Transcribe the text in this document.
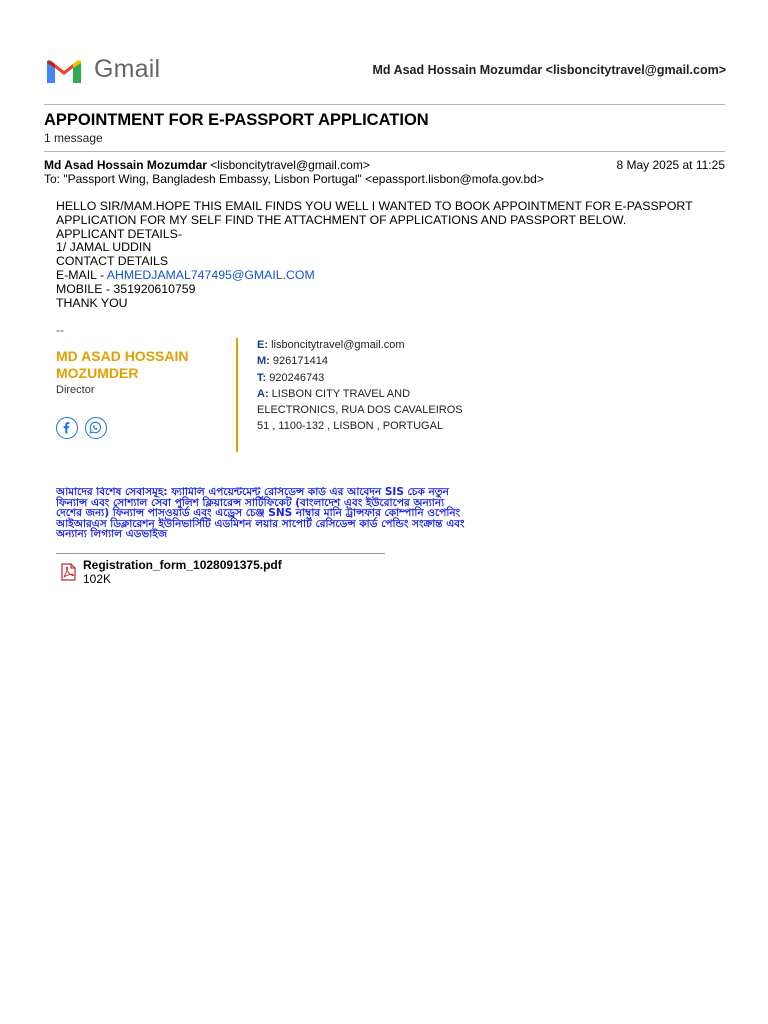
Gmail	Md Asad Hossain Mozumdar <lisboncitytravel@gmail.com>
APPOINTMENT FOR E-PASSPORT APPLICATION
1 message
Md Asad Hossain Mozumdar <lisboncitytravel@gmail.com>	8 May 2025 at 11:25
To: "Passport Wing, Bangladesh Embassy, Lisbon Portugal" <epassport.lisbon@mofa.gov.bd>
HELLO SIR/MAM.HOPE THIS EMAIL FINDS YOU WELL I WANTED TO BOOK APPOINTMENT FOR E-PASSPORT
APPLICATION FOR MY SELF FIND THE ATTACHMENT OF APPLICATIONS AND PASSPORT BELOW.
APPLICANT DETAILS-
1/ JAMAL UDDIN
CONTACT DETAILS
E-MAIL - AHMEDJAMAL747495@GMAIL.COM
MOBILE - 351920610759
THANK YOU
--
MD ASAD HOSSAIN MOZUMDER
Director
E: lisboncitytravel@gmail.com
M: 926171414
T: 920246743
A: LISBON CITY TRAVEL AND ELECTRONICS, RUA DOS CAVALEIROS 51 , 1100-132 , LISBON , PORTUGAL
আমাদের বিশেষ সেবাসমূহ: ফ্যামিলি এপয়েন্টমেন্ট রেসিডেন্স কার্ড এর আবেদন SIS চেক নতুন ফিন্যান্স এবং সোশ্যাল সেবা পুলিশ ক্লিয়ারেন্স সার্টিফিকেট (বাংলাদেশ এবং ইউরোপের অন্যান্য দেশের জন্য) ফিন্যান্স পাসওয়ার্ড এবং এড্রেস চেঞ্জ SNS নাম্বার মানি ট্রান্সফার কোম্পানি ওপেনিং আইআরএস ডিক্লারেশন ইউনিভার্সিটি এডমিশন লয়ার সাপোর্ট রেসিডেন্স কার্ড পেন্ডিং সংক্রান্ত এবং অন্যান্য লিগ্যাল এডভাইজ
Registration_form_1028091375.pdf
102K
